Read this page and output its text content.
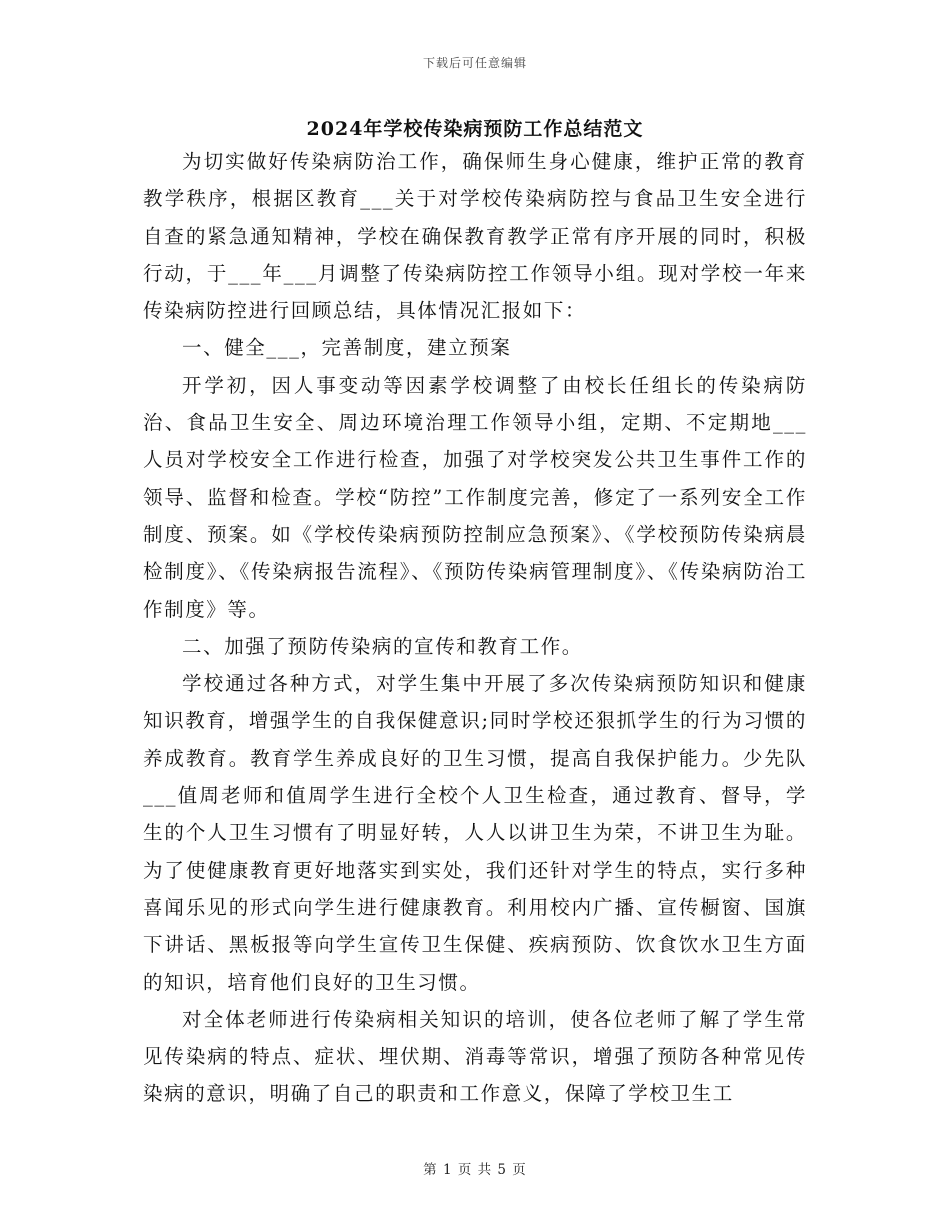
下载后可任意编辑
2024年学校传染病预防工作总结范文

为切实做好传染病防治工作，确保师生身心健康，维护正常的教育教学秩序，根据区教育___关于对学校传染病防控与食品卫生安全进行自查的紧急通知精神，学校在确保教育教学正常有序开展的同时，积极行动，于___年___月调整了传染病防控工作领导小组。现对学校一年来传染病防控进行回顾总结，具体情况汇报如下：

一、健全___，完善制度，建立预案

开学初，因人事变动等因素学校调整了由校长任组长的传染病防治、食品卫生安全、周边环境治理工作领导小组，定期、不定期地___人员对学校安全工作进行检查，加强了对学校突发公共卫生事件工作的领导、监督和检查。学校“防控”工作制度完善，修定了一系列安全工作制度、预案。如《学校传染病预防控制应急预案》、《学校预防传染病晨检制度》、《传染病报告流程》、《预防传染病管理制度》、《传染病防治工作制度》等。

二、加强了预防传染病的宣传和教育工作。

学校通过各种方式，对学生集中开展了多次传染病预防知识和健康知识教育，增强学生的自我保健意识;同时学校还狠抓学生的行为习惯的养成教育。教育学生养成良好的卫生习惯，提高自我保护能力。少先队___值周老师和值周学生进行全校个人卫生检查，通过教育、督导，学生的个人卫生习惯有了明显好转，人人以讲卫生为荣，不讲卫生为耻。为了使健康教育更好地落实到实处，我们还针对学生的特点，实行多种喜闻乐见的形式向学生进行健康教育。利用校内广播、宣传橱窗、国旗下讲话、黑板报等向学生宣传卫生保健、疾病预防、饮食饮水卫生方面的知识，培育他们良好的卫生习惯。

对全体老师进行传染病相关知识的培训，使各位老师了解了学生常见传染病的特点、症状、埋伏期、消毒等常识，增强了预防各种常见传染病的意识，明确了自己的职责和工作意义，保障了学校卫生工

第 1 页 共 5 页
